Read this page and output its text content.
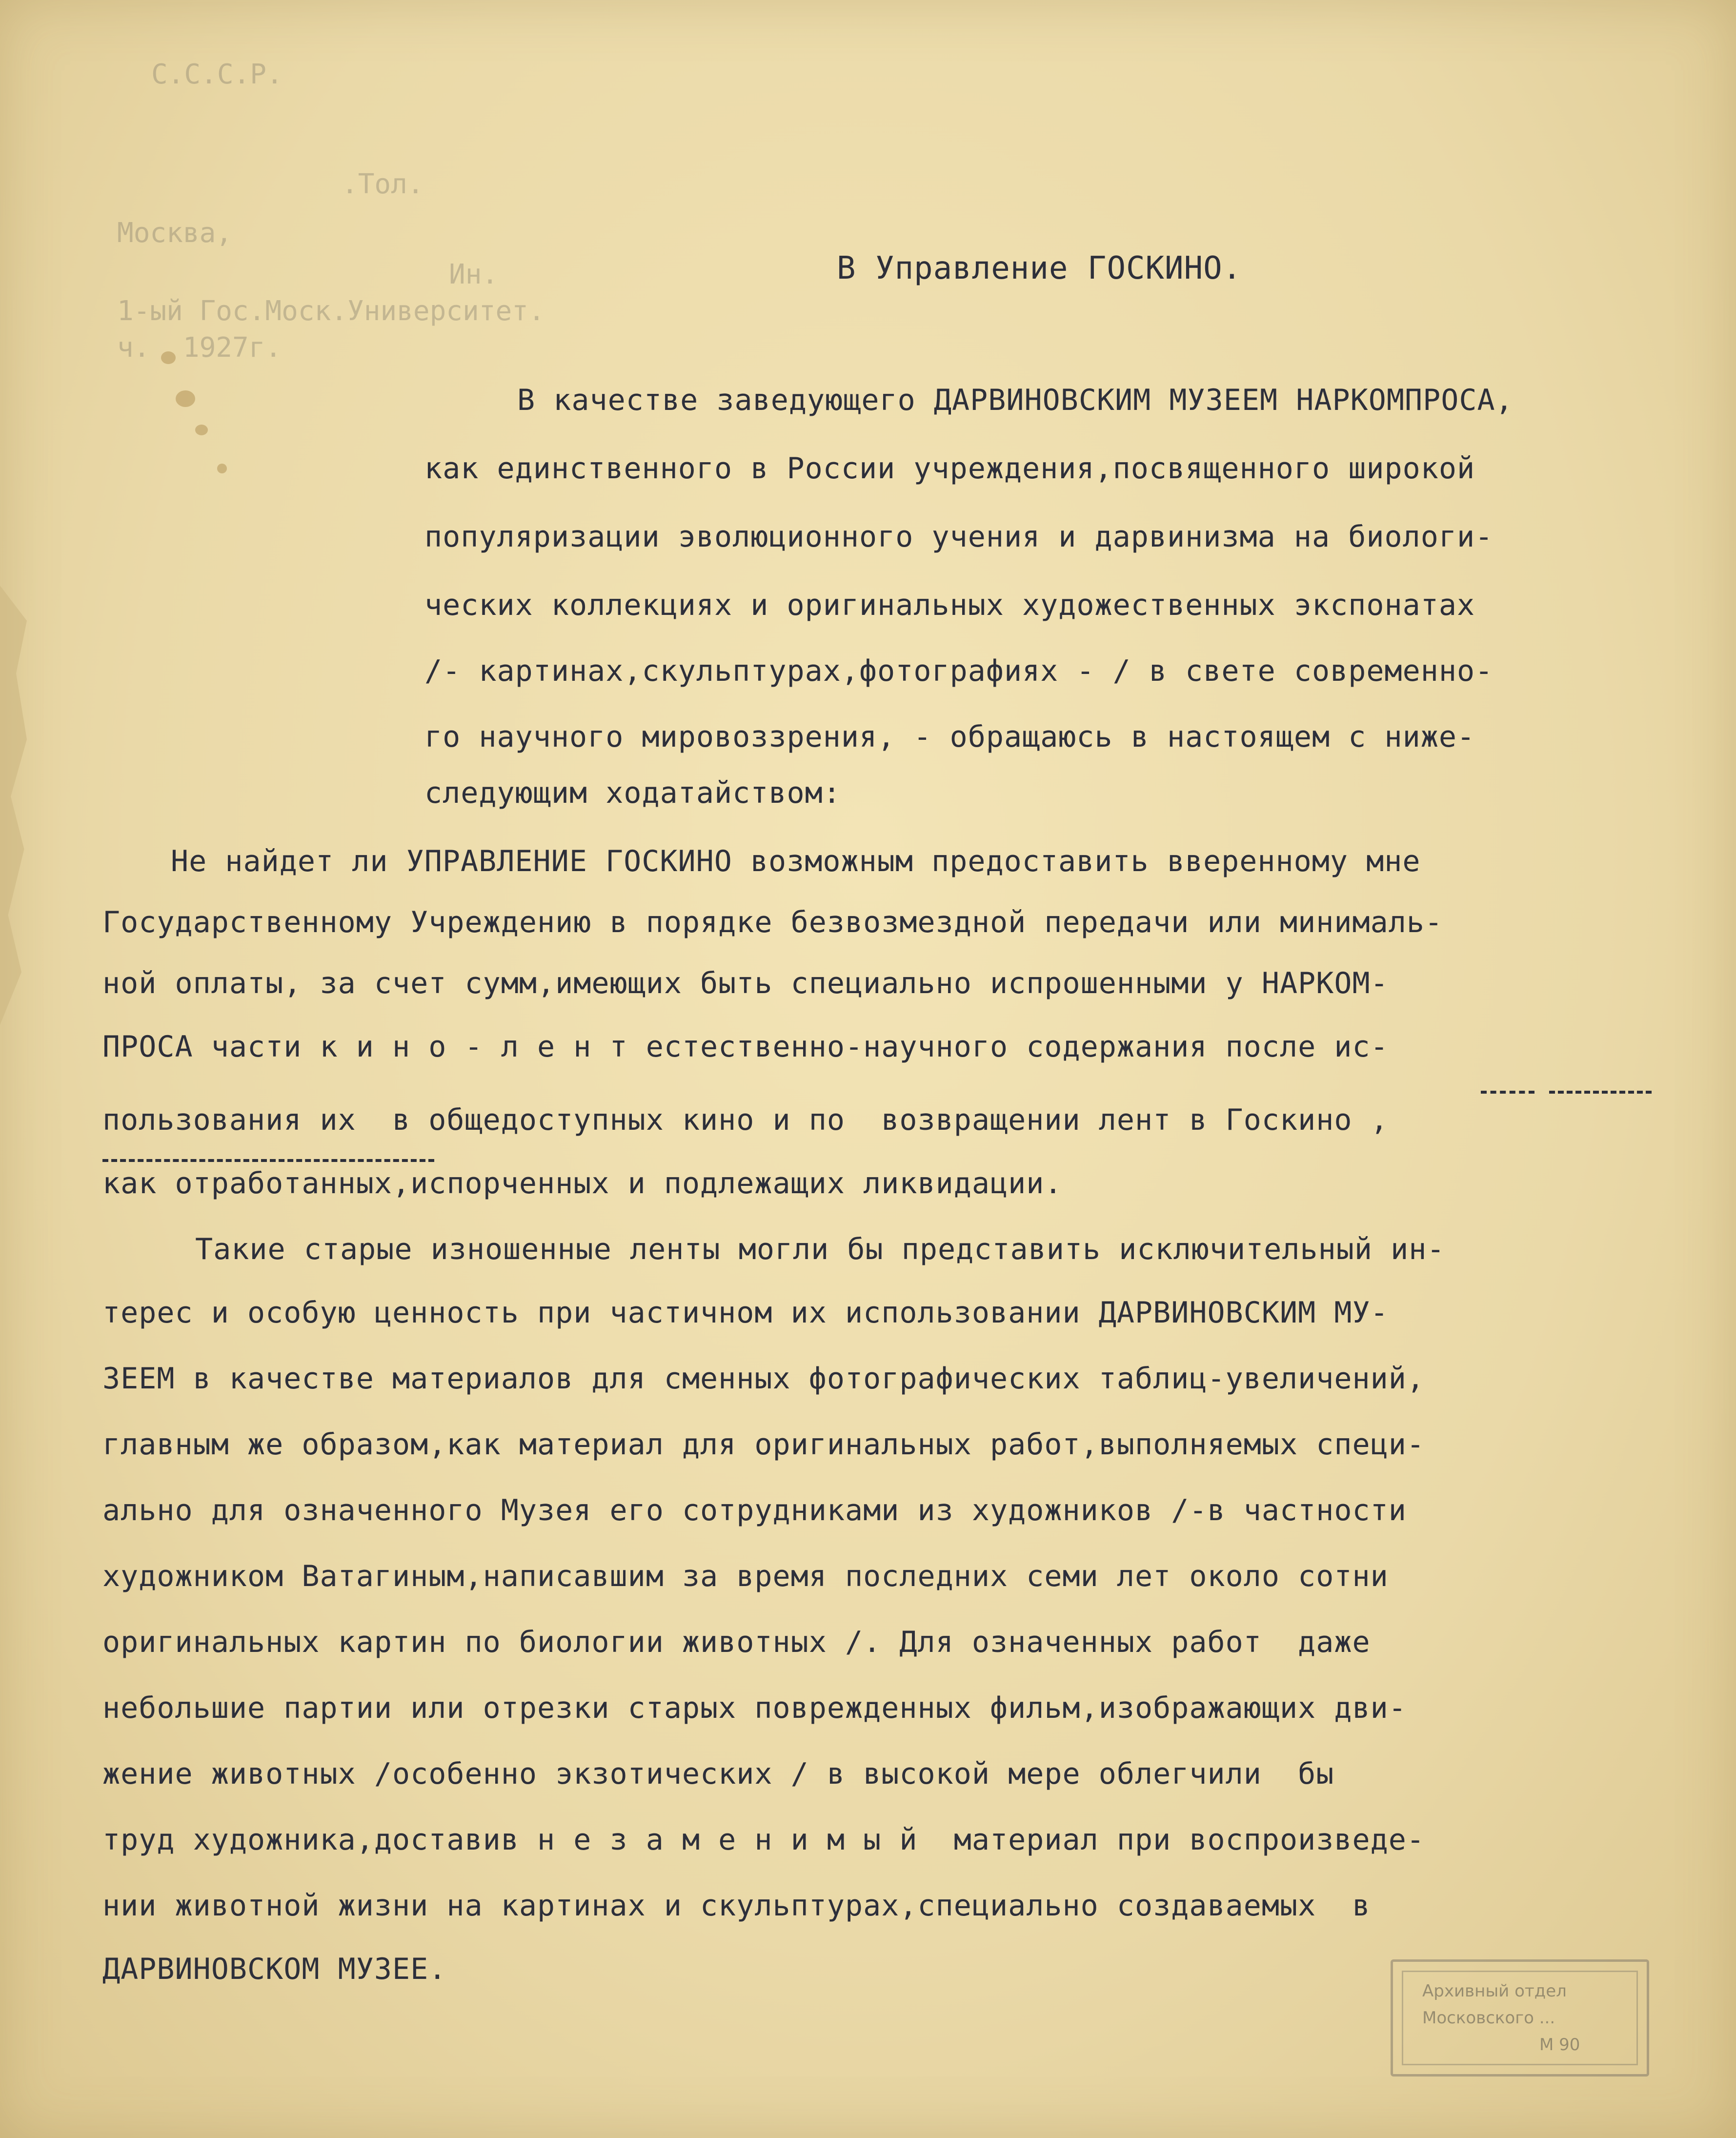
С.С.С.Р.

.Тол.

Москва,

Ин.

1-ый Гос.Моск.Университет.

ч.  1927г.

В Управление ГОСКИНО.

В качестве заведующего ДАРВИНОВСКИМ МУЗЕЕМ НАРКОМПРОСА,

как единственного в России учреждения,посвященного широкой

популяризации эволюционного учения и дарвинизма на биологи-

ческих коллекциях и оригинальных художественных экспонатах

/- картинах,скульптурах,фотографиях - / в свете современно-

го научного мировоззрения, - обращаюсь в настоящем с ниже-

следующим ходатайством:

Не найдет ли УПРАВЛЕНИЕ ГОСКИНО возможным предоставить вверенному мне

Государственному Учреждению в порядке безвозмездной передачи или минималь-

ной оплаты, за счет сумм,имеющих быть специально испрошенными у НАРКОМ-

ПРОСА части к и н о - л е н т естественно-научного содержания после ис-

пользования их  в общедоступных кино и по  возвращении лент в Госкино ,

как отработанных,испорченных и подлежащих ликвидации.

Такие старые изношенные ленты могли бы представить исключительный ин-

терес и особую ценность при частичном их использовании ДАРВИНОВСКИМ МУ-

ЗЕЕМ в качестве материалов для сменных фотографических таблиц-увеличений,

главным же образом,как материал для оригинальных работ,выполняемых специ-

ально для означенного Музея его сотрудниками из художников /-в частности

художником Ватагиным,написавшим за время последних семи лет около сотни

оригинальных картин по биологии животных /. Для означенных работ  даже

небольшие партии или отрезки старых поврежденных фильм,изображающих дви-

жение животных /особенно экзотических / в высокой мере облегчили  бы

труд художника,доставив н е з а м е н и м ы й  материал при воспроизведе-

нии животной жизни на картинах и скульптурах,специально создаваемых  в

ДАРВИНОВСКОМ МУЗЕЕ.

Архивный отдел
Московского ...
М 90
